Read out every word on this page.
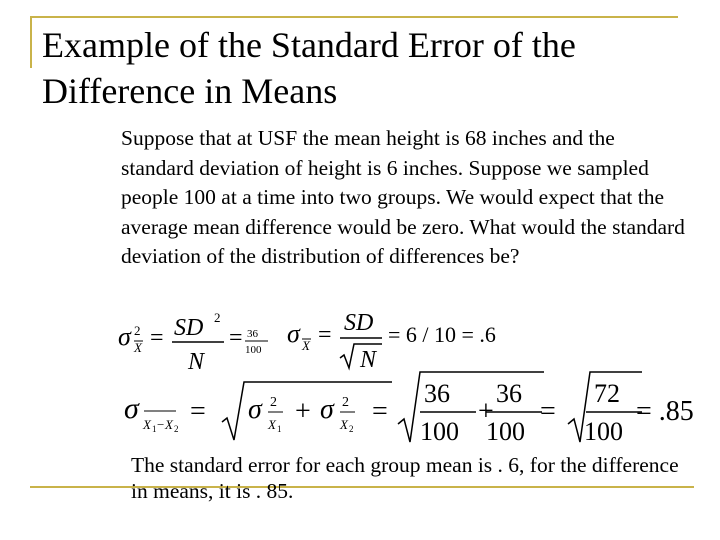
Example of the Standard Error of the Difference in Means

Suppose that at USF the mean height is 68 inches and the standard deviation of height is 6 inches. Suppose we sampled people 100 at a time into two groups. We would expect that the average mean difference would be zero. What would the standard deviation of the distribution of differences be?

σ 2
X = SD 2
N
= 36
100
σ X = SD
N
= 6 / 10 = .6
σ X 1 − X 2
= σ 2
X 1
+ σ 2
X 2
=
36
100
+
36
100
=
72
100
= .85

The standard error for each group mean is . 6, for the difference in means, it is . 85.
